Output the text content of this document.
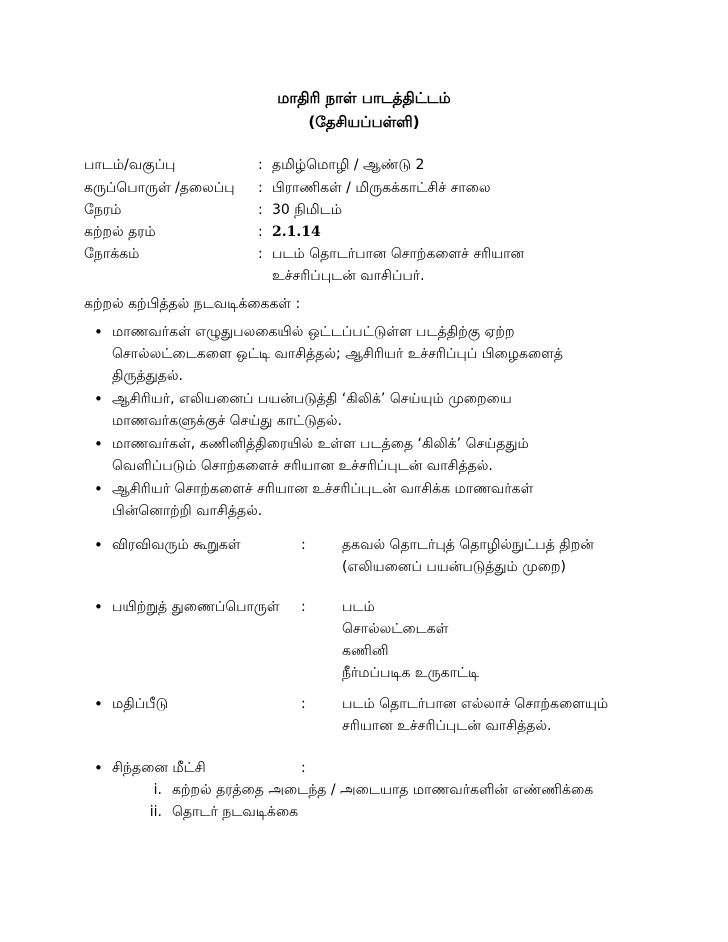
மாதிரி நாள் பாடத்திட்டம்
(தேசியப்பள்ளி)
பாடம்/வகுப்பு	: தமிழ்மொழி / ஆண்டு 2
கருப்பொருள் /தலைப்பு : பிராணிகள் / மிருகக்காட்சிச் சாலை
நேரம்	: 30 நிமிடம்
கற்றல் தரம்	: 2.1.14
நோக்கம்	: படம் தொடர்பான சொற்களைச் சரியான
உச்சரிப்புடன் வாசிப்பர்.
கற்றல் கற்பித்தல் நடவடிக்கைகள் :
• மாணவர்கள் எழுதுபலகையில் ஒட்டப்பட்டுள்ள படத்திற்கு ஏற்ற
சொல்லட்டைகளை ஒட்டி வாசித்தல்; ஆசிரியர் உச்சரிப்புப் பிழைகளைத்
திருத்துதல்.
• ஆசிரியர், எலியனைப் பயன்படுத்தி ‘கிலிக்’ செய்யும் முறையை
மாணவர்களுக்குச் செய்து காட்டுதல்.
• மாணவர்கள், கணினித்திரையில் உள்ள படத்தை ‘கிலிக்’ செய்ததும்
வெளிப்படும் சொற்களைச் சரியான உச்சரிப்புடன் வாசித்தல்.
• ஆசிரியர் சொற்களைச் சரியான உச்சரிப்புடன் வாசிக்க மாணவர்கள்
பின்னொற்றி வாசித்தல்.
• விரவிவரும் கூறுகள்	:	தகவல் தொடர்புத் தொழில்நுட்பத் திறன்
(எலியனைப் பயன்படுத்தும் முறை)
• பயிற்றுத் துணைப்பொருள் :	படம்
சொல்லட்டைகள்
கணினி
நீர்மப்படிக உருகாட்டி
• மதிப்பீடு	:	படம் தொடர்பான எல்லாச் சொற்களையும்
சரியான உச்சரிப்புடன் வாசித்தல்.
• சிந்தனை மீட்சி	:
i. கற்றல் தரத்தை அடைந்த / அடையாத மாணவர்களின் எண்ணிக்கை
ii. தொடர் நடவடிக்கை
